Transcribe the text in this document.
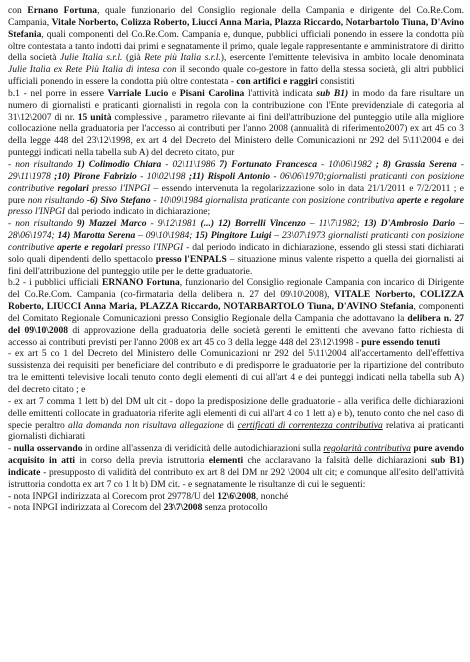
con Ernano Fortuna, quale funzionario del Consiglio regionale della Campania e dirigente del Co.Re.Com. Campania, Vitale Norberto, Colizza Roberto, Liucci Anna Maria, Plazza Riccardo, Notarbartolo Tiuna, D'Avino Stefania, quali componenti del Co.Re.Com. Campania e, dunque, pubblici ufficiali ponendo in essere la condotta più oltre contestata a tanto indotti dai primi e segnatamente il primo, quale legale rappresentante e amministratore di diritto della società Julie Italia s.r.l. (già Rete più Italia s.r.l.), esercente l'emittente televisiva in ambito locale denominata Julie Italia ex Rete Più Italia di intesa con il secondo quale co-gestore in fatto della stessa società, gli altri pubblici ufficiali ponendo in essere la condotta più oltre contestata - con artifici e raggiri consistiti

b.1 - nel porre in essere Varriale Lucio e Pisani Carolina l'attività indicata sub B1) in modo da fare risultare un numero di giornalisti e praticanti giornalisti in regola con la contribuzione con l'Ente previdenziale di categoria al 31\12\2007 di nr. 15 unità complessive , parametro rilevante ai fini dell'attribuzione del punteggio utile alla migliore collocazione nella graduatoria per l'accesso ai contributi per l'anno 2008 (annualità di riferimento2007) ex art 45 co 3 della legge 448 del 23\12\1998, ex art 4 del Decreto del Ministero delle Comunicazioni nr 292 del 5\11\2004 e dei punteggi indicati nella tabella sub A) del decreto citato, pur

- non risultando 1) Colimodio Chiara - 02\11\1986 7) Fortunato Francesca - 10\06\1982 ; 8) Grassia Serena - 29\11\1978 ;10) Pirone Fabrizio - 10\02\198 ;11) Rispoli Antonio - 06\06\1970;giornalisti praticanti con posizione contributive regolari presso l'INPGI – essendo intervenuta la regolarizzazione solo in data 21/1/2011 e 7/2/2011 ; e pure non risultando -6) Sivo Stefano - 10\09\1984 giornalista praticante con posizione contributiva aperte e regolare presso l'INPGI dal periodo indicato in dichiarazione;

- non risultando 9) Mazzei Marco - 9\12\1981 (...) 12) Borrelli Vincenzo – 11\7\1982; 13) D'Ambrosio Dario – 28\06\1974; 14) Marotta Serena – 09\10\1984; 15) Pingitore Luigi – 23\07\1973 giornalisti praticanti con posizione contributive aperte e regolari presso l'INPGI - dal periodo indicato in dichiarazione, essendo gli stessi stati dichiarati solo quali dipendenti dello spettacolo presso l'ENPALS – situazione minus valente rispetto a quella dei giornalisti ai fini dell'attribuzione del punteggio utile per le dette graduatorie.

b.2 - i pubblici ufficiali ERNANO Fortuna, funzionario del Consiglio regionale Campania con incarico di Dirigente del Co.Re.Com. Campania (co-firmataria della delibera n. 27 del 09\10\2008), VITALE Norberto, COLIZZA Roberto, LIUCCI Anna Maria, PLAZZA Riccardo, NOTARBARTOLO Tiuna, D'AVINO Stefania, componenti del Comitato Regionale Comunicazioni presso Consiglio Regionale della Campania che adottavano la delibera n. 27 del 09\10\2008 di approvazione della graduatoria delle società gerenti le emittenti che avevano fatto richiesta di accesso ai contributi previsti per l'anno 2008 ex art 45 co 3 della legge 448 del 23\12\1998 - pure essendo tenuti

- ex art 5 co 1 del Decreto del Ministero delle Comunicazioni nr 292 del 5\11\2004 all'accertamento dell'effettiva sussistenza dei requisiti per beneficiare del contributo e di predisporre le graduatorie per la ripartizione del contributo tra le emittenti televisive locali tenuto conto degli elementi di cui all'art 4 e dei punteggi indicati nella tabella sub A) del decreto citato ; e

- ex art 7 comma 1 lett b) del DM ult cit - dopo la predisposizione delle graduatorie - alla verifica delle dichiarazioni delle emittenti collocate in graduatoria riferite agli elementi di cui all'art 4 co 1 lett a) e b), tenuto conto che nel caso di specie peraltro alla domanda non risultava allegazione di certificati di correntezza contributiva relativa ai praticanti giornalisti dichiarati

- nulla osservando in ordine all'assenza di veridicità delle autodichiarazioni sulla regolarità contributiva pure avendo acquisito in atti in corso della previa istruttoria elementi che acclaravano la falsità delle dichiarazioni sub B1) indicate - presupposto di validità del contributo ex art 8 del DM nr 292 \2004 ult cit; e comunque all'esito dell'attività istruttoria condotta ex art 7 co 1 lt b) DM cit. - e segnatamente le risultanze di cui le seguenti:

- nota INPGI indirizzata al Corecom prot 29778/U del 12\6\2008, nonché

- nota INPGI indirizzata al Corecom del 23\7\2008 senza protocollo
